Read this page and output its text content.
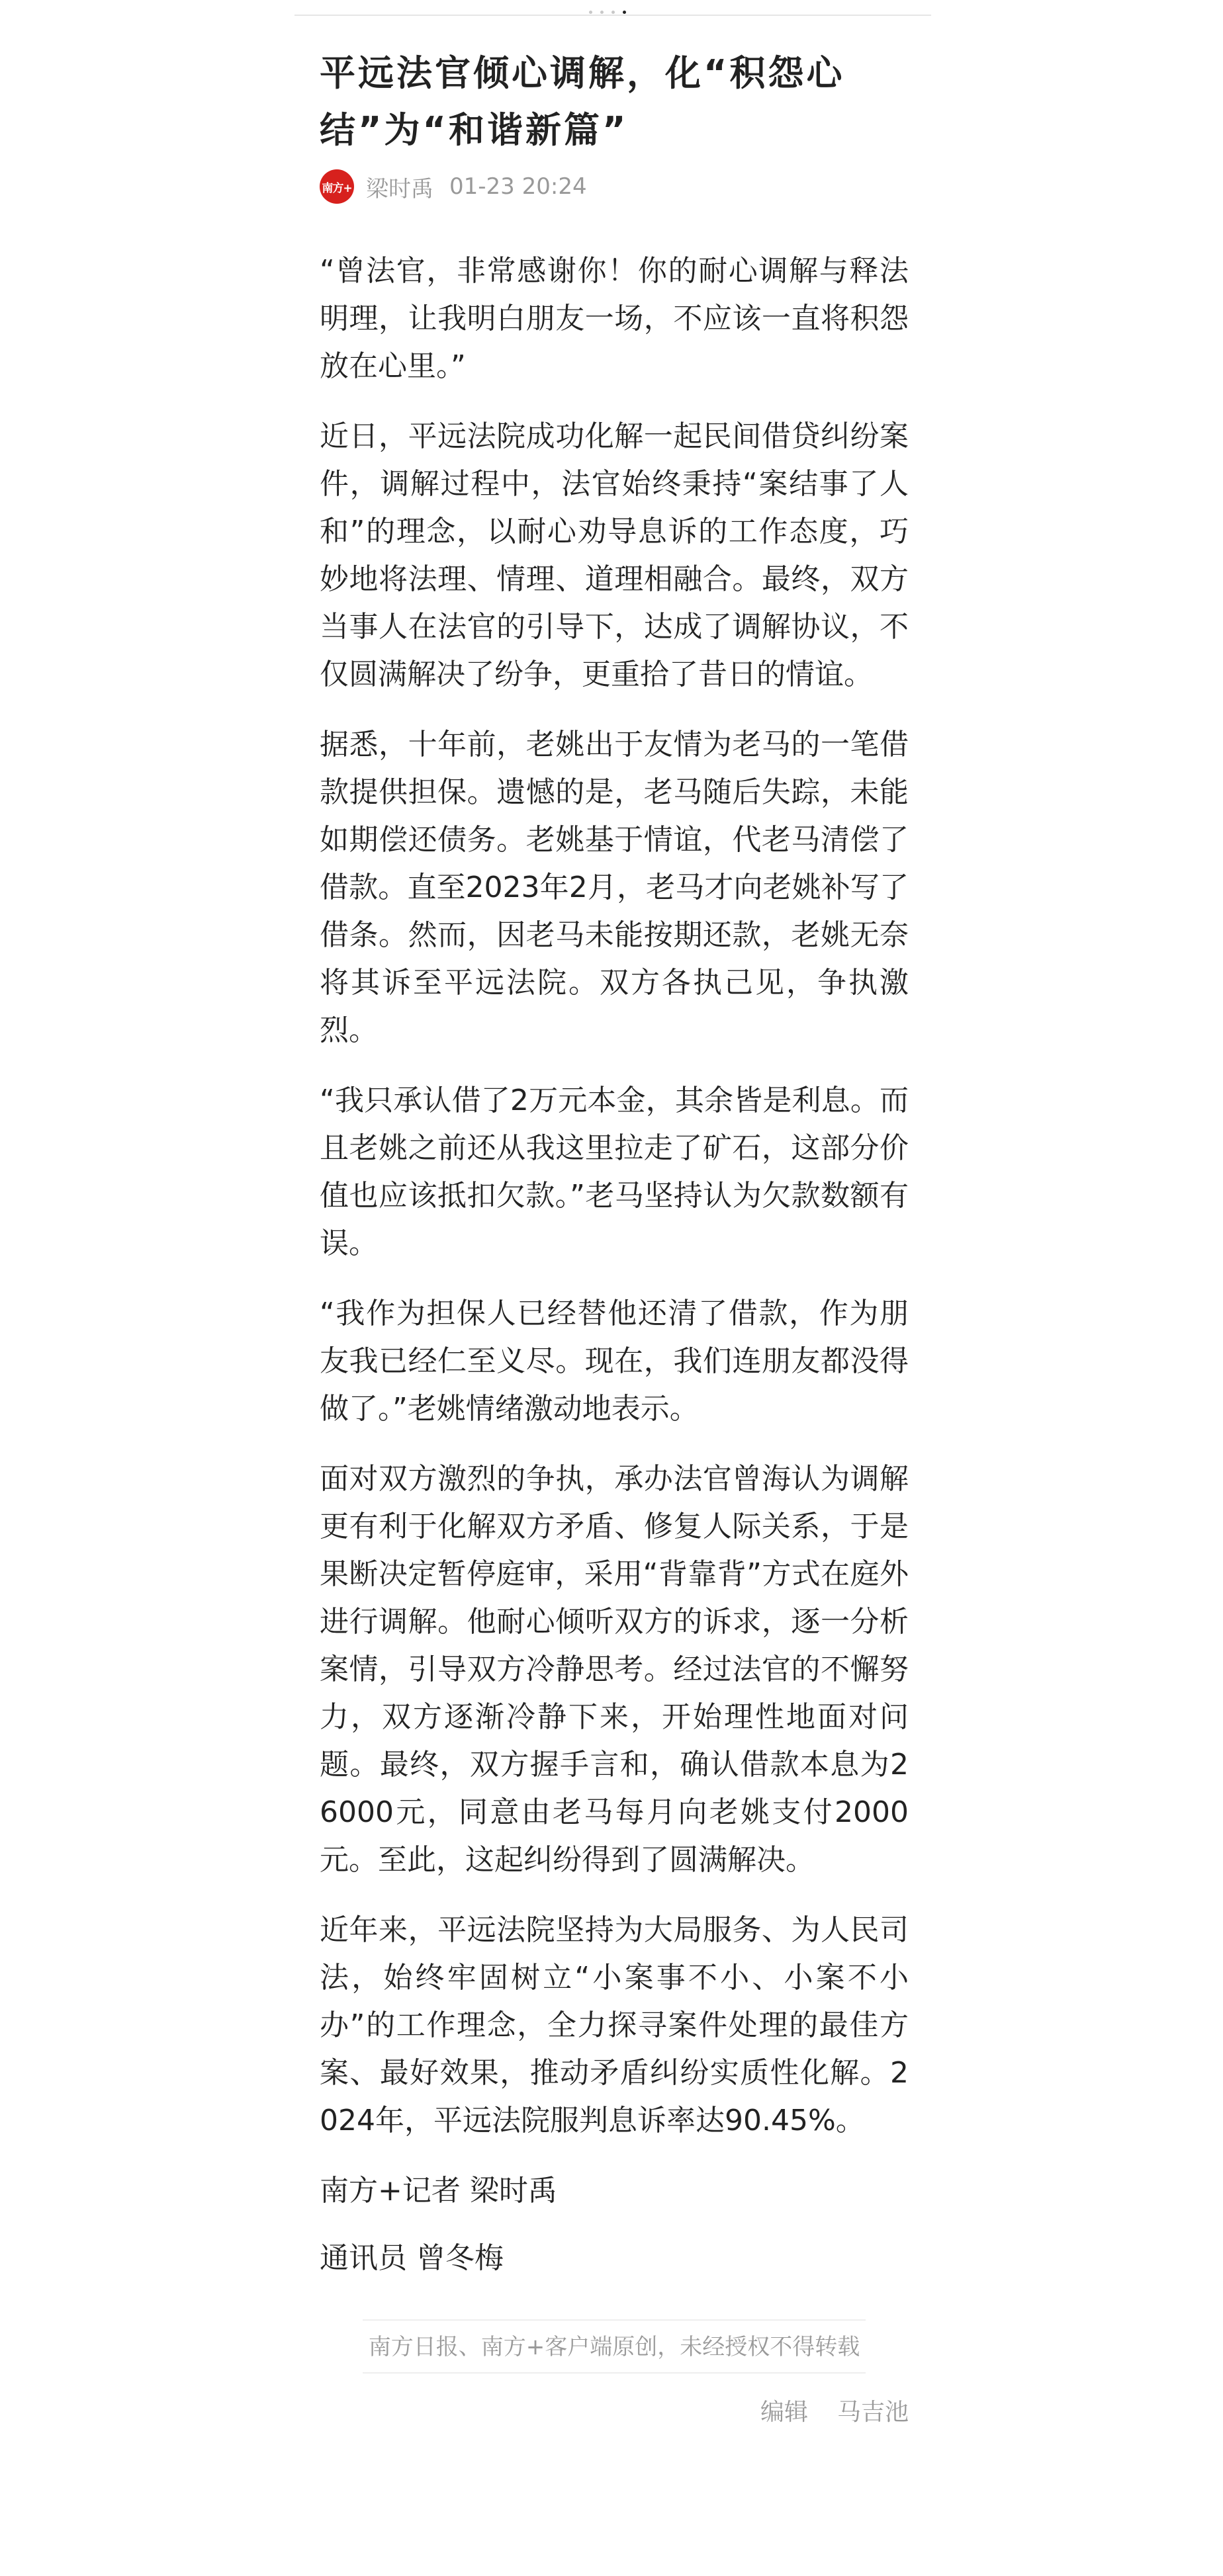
平远法官倾心调解，化“积怨心结”为“和谐新篇”
南方+ 梁时禹 01-23 20:24

“曾法官，非常感谢你！你的耐心调解与释法明理，让我明白朋友一场，不应该一直将积怨放在心里。”

近日，平远法院成功化解一起民间借贷纠纷案件，调解过程中，法官始终秉持“案结事了人和”的理念，以耐心劝导息诉的工作态度，巧妙地将法理、情理、道理相融合。最终，双方当事人在法官的引导下，达成了调解协议，不仅圆满解决了纷争，更重拾了昔日的情谊。

据悉，十年前，老姚出于友情为老马的一笔借款提供担保。遗憾的是，老马随后失踪，未能如期偿还债务。老姚基于情谊，代老马清偿了借款。直至2023年2月，老马才向老姚补写了借条。然而，因老马未能按期还款，老姚无奈将其诉至平远法院。双方各执己见，争执激烈。

“我只承认借了2万元本金，其余皆是利息。而且老姚之前还从我这里拉走了矿石，这部分价值也应该抵扣欠款。”老马坚持认为欠款数额有误。

“我作为担保人已经替他还清了借款，作为朋友我已经仁至义尽。现在，我们连朋友都没得做了。”老姚情绪激动地表示。

面对双方激烈的争执，承办法官曾海认为调解更有利于化解双方矛盾、修复人际关系，于是果断决定暂停庭审，采用“背靠背”方式在庭外进行调解。他耐心倾听双方的诉求，逐一分析案情，引导双方冷静思考。经过法官的不懈努力，双方逐渐冷静下来，开始理性地面对问题。最终，双方握手言和，确认借款本息为26000元，同意由老马每月向老姚支付2000元。至此，这起纠纷得到了圆满解决。

近年来，平远法院坚持为大局服务、为人民司法，始终牢固树立“小案事不小、小案不小办”的工作理念，全力探寻案件处理的最佳方案、最好效果，推动矛盾纠纷实质性化解。2024年，平远法院服判息诉率达90.45%。

南方+记者 梁时禹

通讯员 曾冬梅

南方日报、南方+客户端原创，未经授权不得转载
编辑 马吉池
